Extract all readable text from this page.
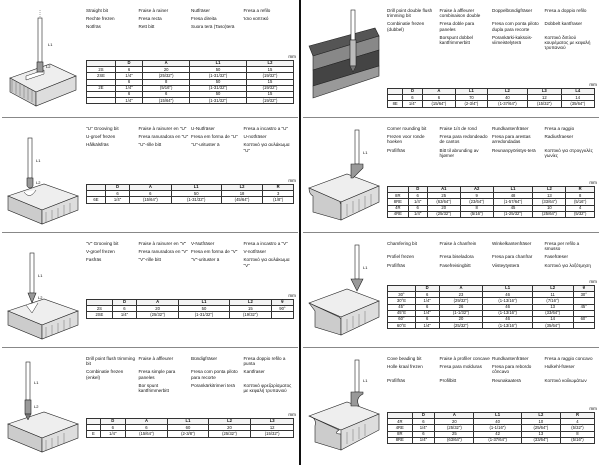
L1
L2
Straight bit	Fraise à rainer	Nutfräser	Fresa a refilo
Rechte frezen	Fresa recta	Fresa direita	Ίσιο κοπτικό
Notfräs	Rett bitt	Suora terä (Taso)terä
mm
	D	A	L1	L2
2S	6	20	50	15
2SE	1/4"	(25/32")	(1-31/32")	(19/32")
	6	8	50	15
2E	1/4"	(5/16")	(1-31/32")	(19/32")
	6	6	50	15
	1/4"	(15/64")	(1-31/32")	(19/32")
L1
L2
"U" Grooving bit	Fraise à rainurer en "U" U-Nutfräser	Fresa a incastro a "U"
U-groef frezen	Fresa ranuradora en "U" Fresa em forma de "U"	U-notfräser
Hålkälsfräs	"U"-rille bitt	"U"-urituster ä	Κοπτικό για αυλάκωμα "U"
mm
	D	A	L1	L2	R
	6	6	50	18	3
6E	1/4"	(15/64")	(1-31/32")	(45/64")	(1/8")
L1
L2
"V" Grooving bit	Fraise à rainurer en "V"	V-Nutfräser	Fresa a incastro a "V"
V-groef frezen	Fresa ranuradora en "V" Fresa em forma de "V"	V-notfräser
Fasfräs	"V"-rille bitt	"V"-urituster ä	Κοπτικό για αυλάκωμα "V"
mm
	D	A	L1	L2	θ
2S	6	20	50	15	90°
2SE	1/4"	(25/32")	(1-31/32")	(19/32")	
L1
L2
Drill point flush trimming bit
Fraise à affleurer	Bündigfräser	Fresa doppio refilo a punta
Combinatie frezen (enkel)
Fresa simple para paneles
Fresa com ponta piloto para recorte
Kantfraser
Bor spunt kantfrimmerbitt
Porankärkitrimeri terä	Κοπτικό φρεζαρίσματος με κεφαλή τρυπανιού
mm
	D	A	L1	L2	L3
	6	6	60	20	12
E	1/4"	(15/64")	(2-3/8")	(25/32")	(15/32")
Drill point double flush trimming bit
Fraise à affleurer combinaison double
Doppelbündigfräser	Fresa a doppio refilo
Combinatie frezen (dubbel)
Fresa doble para paneles
Fresa com ponta piloto dupla para recorte
Dobbelt kantfraser
Borspunt dobbel kantfrimmerbitt
Porankärki-kaksois-viimeistelyterä
Κοπτικό διπλού κουρέματος με κεφαλή τρυπανιού
mm
	D	A	L1	L2	L3	L4
	6	6	70	40	12	14
8E	1/4"	(15/64")	(2-3/4")	(1-37/64")	(15/32")	(35/64")
L1
Corner rounding bit	Fraise 1/4 de rond	Rundkantenfräser	Fresa a raggio
Frezen voor ronde hoeken
Fresa para redondeado de cantos
Fresa para arestas arredondadas
Radiusfraeser
Profilfräs	Bitt til abrunding av hjørner
Reunanpyöristys-terä	Κοπτικό για στρογγυλές γωνίες
mm
	D	A1	A2	L1	L2	R
8R	6	25	9	48	13	8
8RE	1/4"	(63/64")	(23/64")	(1-57/64")	(33/64")	(5/16")
4R	6	20	8	45	10	4
4RE	1/4"	(25/32")	(5/16")	(1-25/32")	(25/64")	(5/32")
L1
Chamfering bit	Fraise à chanfrein	Winkelkantenfräser	Fresa per refilo a smusso
Profiel frezen	Fresa biseladora	Fresa para chanfrar	Fasefræser
Profilfräs	Fasefreisingbitt	Viisteytysterä	Κοπτικό για λοξότμηση
mm
	D	A	L1	L2	θ
30°	6	23	46	11	30°
30°E	1/4"	(29/32")	(1-13/16")	(7/16")	
45°	6	26	46	13	45°
45°E	1/4"	(1-1/32")	(1-13/16")	(33/64")	
60°	6	20	46	14	60°
60°E	1/4"	(25/32")	(1-13/16")	(35/64")	
L1
Cove beading bit	Fraise à profiler concave Rundkantenfräser	Fresa a raggio concavo
Holle kraal frezen	Fresa para molduras	Fresa para rebordo côncavo
Hulkehl-fræser
Profilfräs	Profilbitt	Reunakaaterä	Κοπτικό κοίλωμάτων
mm
	D	A	L1	L2	R
4R	6	20	40	10	4
4RE	1/4"	(25/32")	(1-1/16")	(25/64")	(5/32")
8R	6	25	42	13	8
8RE	1/4"	(63/64")	(1-37/64")	(33/64")	(5/16")
